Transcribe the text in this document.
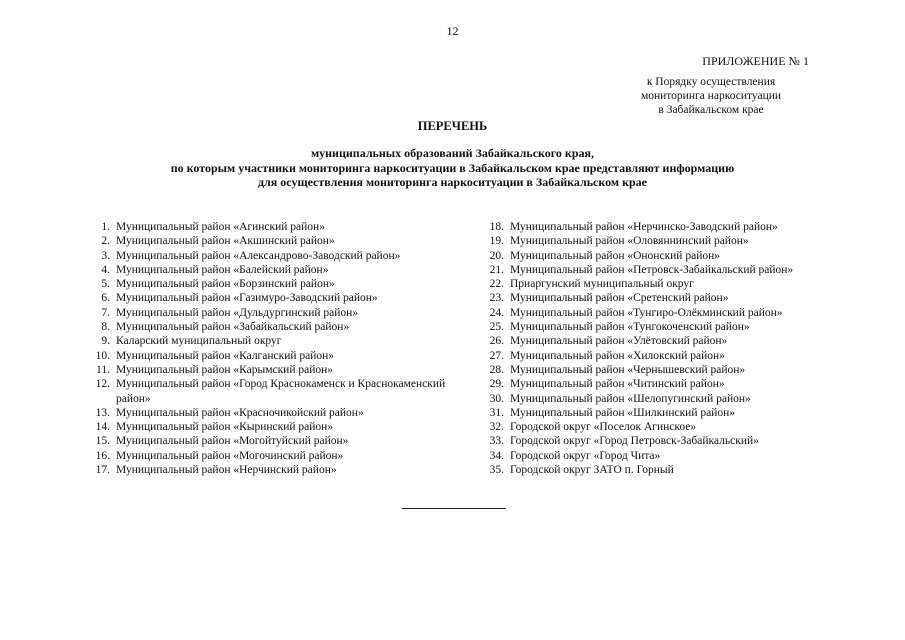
12
ПРИЛОЖЕНИЕ № 1
к Порядку осуществления
мониторинга наркоситуации
в Забайкальском крае
ПЕРЕЧЕНЬ
муниципальных образований Забайкальского края,
по которым участники мониторинга наркоситуации в Забайкальском крае представляют информацию
для осуществления мониторинга наркоситуации в Забайкальском крае
1. Муниципальный район «Агинский район»
2. Муниципальный район «Акшинский район»
3. Муниципальный район «Александрово-Заводский район»
4. Муниципальный район «Балейский район»
5. Муниципальный район «Борзинский район»
6. Муниципальный район «Газимуро-Заводский район»
7. Муниципальный район «Дульдургинский район»
8. Муниципальный район «Забайкальский район»
9. Каларский муниципальный округ
10. Муниципальный район «Калганский район»
11. Муниципальный район «Карымский район»
12. Муниципальный район «Город Краснокаменск и Краснокаменский район»
13. Муниципальный район «Красночикойский район»
14. Муниципальный район «Кыринский район»
15. Муниципальный район «Могойтуйский район»
16. Муниципальный район «Могочинский район»
17. Муниципальный район «Нерчинский район»
18. Муниципальный район «Нерчинско-Заводский район»
19. Муниципальный район «Оловяннинский район»
20. Муниципальный район «Ононский район»
21. Муниципальный район «Петровск-Забайкальский район»
22. Приаргунский муниципальный округ
23. Муниципальный район «Сретенский район»
24. Муниципальный район «Тунгиро-Олёкминский район»
25. Муниципальный район «Тунгокоченский район»
26. Муниципальный район «Улётовский район»
27. Муниципальный район «Хилокский район»
28. Муниципальный район «Чернышевский район»
29. Муниципальный район «Читинский район»
30. Муниципальный район «Шелопугинский район»
31. Муниципальный район «Шилкинский район»
32. Городской округ «Поселок Агинское»
33. Городской округ «Город Петровск-Забайкальский»
34. Городской округ «Город Чита»
35. Городской округ ЗАТО п. Горный
